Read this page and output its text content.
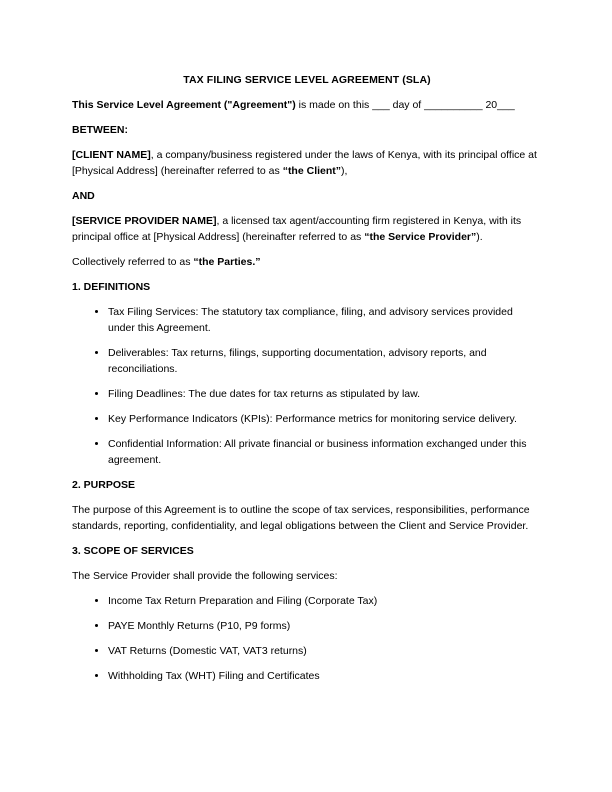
TAX FILING SERVICE LEVEL AGREEMENT (SLA)

This Service Level Agreement ("Agreement") is made on this ___ day of __________ 20___

BETWEEN:

[CLIENT NAME], a company/business registered under the laws of Kenya, with its principal office at [Physical Address] (hereinafter referred to as “the Client”),

AND

[SERVICE PROVIDER NAME], a licensed tax agent/accounting firm registered in Kenya, with its principal office at [Physical Address] (hereinafter referred to as “the Service Provider”).

Collectively referred to as “the Parties.”

1. DEFINITIONS
• Tax Filing Services: The statutory tax compliance, filing, and advisory services provided under this Agreement.
• Deliverables: Tax returns, filings, supporting documentation, advisory reports, and reconciliations.
• Filing Deadlines: The due dates for tax returns as stipulated by law.
• Key Performance Indicators (KPIs): Performance metrics for monitoring service delivery.
• Confidential Information: All private financial or business information exchanged under this agreement.
2. PURPOSE

The purpose of this Agreement is to outline the scope of tax services, responsibilities, performance standards, reporting, confidentiality, and legal obligations between the Client and Service Provider.

3. SCOPE OF SERVICES

The Service Provider shall provide the following services:

• Income Tax Return Preparation and Filing (Corporate Tax)
• PAYE Monthly Returns (P10, P9 forms)
• VAT Returns (Domestic VAT, VAT3 returns)
• Withholding Tax (WHT) Filing and Certificates
